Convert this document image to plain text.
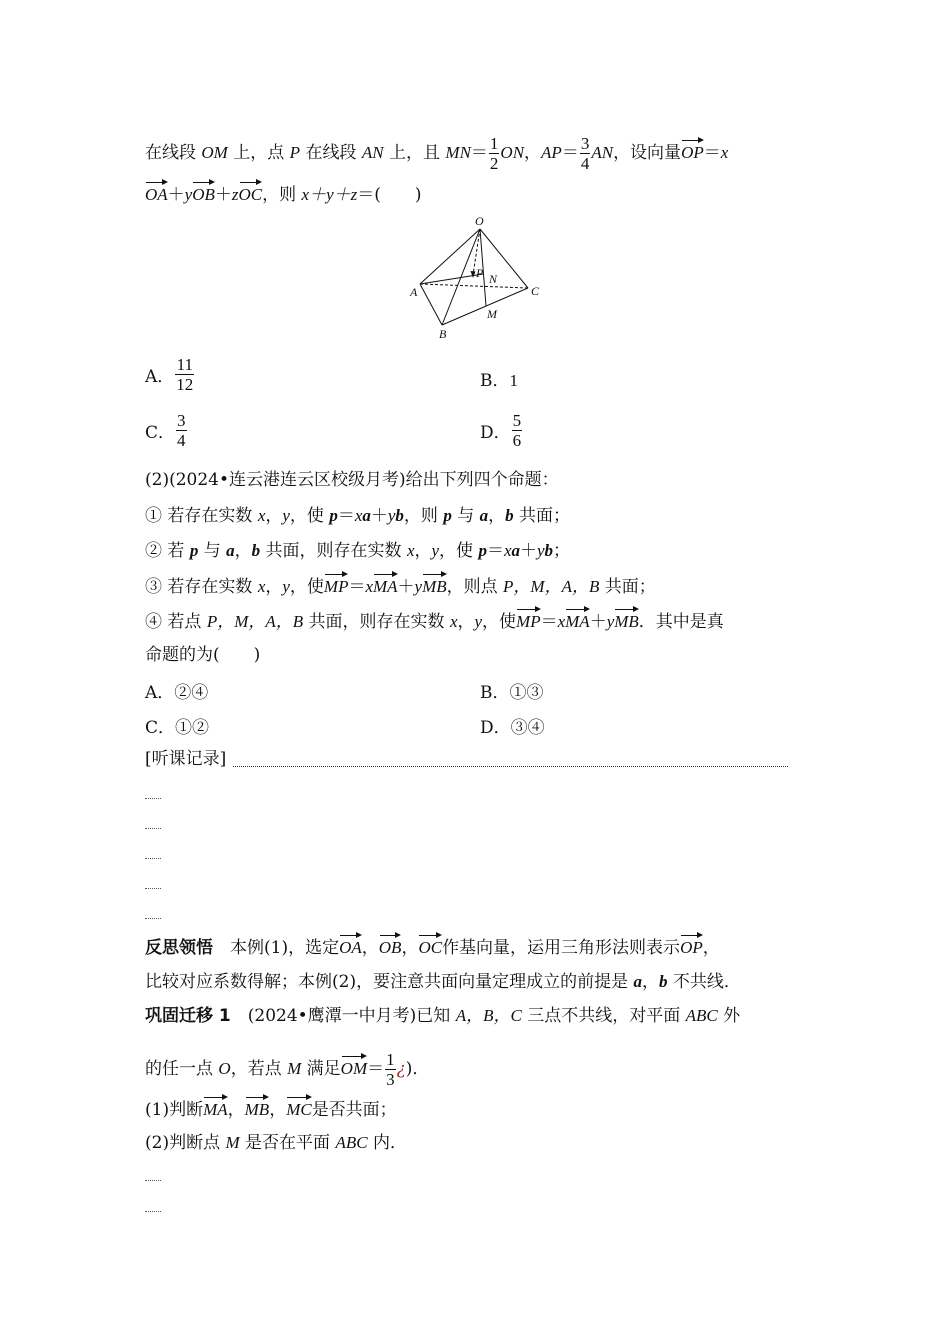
在线段 OM 上，点 P 在线段 AN 上，且 $MN= \frac{1}{2}$ ON，$AP= \frac{3}{4}$ AN，设向量OP＝x
OA＋yOB＋zOC，则 x＋y＋z＝(　　)
O
P N
A	C
M
B
A． $\frac{11}{12}$	B．1
C． $\frac{3}{4}$	D． $\frac{5}{6}$
(2)(2024•连云港连云区校级月考)给出下列四个命题：
① 若存在实数 x，y，使 p＝xa＋yb，则 p 与 a，b 共面；
② 若 p 与 a，b 共面，则存在实数 x，y，使 p＝xa＋yb；
③ 若存在实数 x，y，使MP＝xMA＋yMB，则点 P，M，A，B 共面；
④ 若点 P，M，A，B 共面，则存在实数 x，y，使MP＝xMA＋yMB．其中是真
命题的为(　　)
A．②④	B．①③
C．①②	D．③④
[听课记录]
反思领悟　本例(1)，选定OA，OB，OC作基向量，运用三角形法则表示OP，
比较对应系数得解；本例(2)，要注意共面向量定理成立的前提是 a，b 不共线．
巩固迁移 1　(2024•鹰潭一中月考)已知 A，B，C 三点不共线，对平面 ABC 外
的任一点 O，若点 M 满足$OM= \frac{1}{3}$ ¿)．
(1)判断MA，MB，MC是否共面；
(2)判断点 M 是否在平面 ABC 内．
